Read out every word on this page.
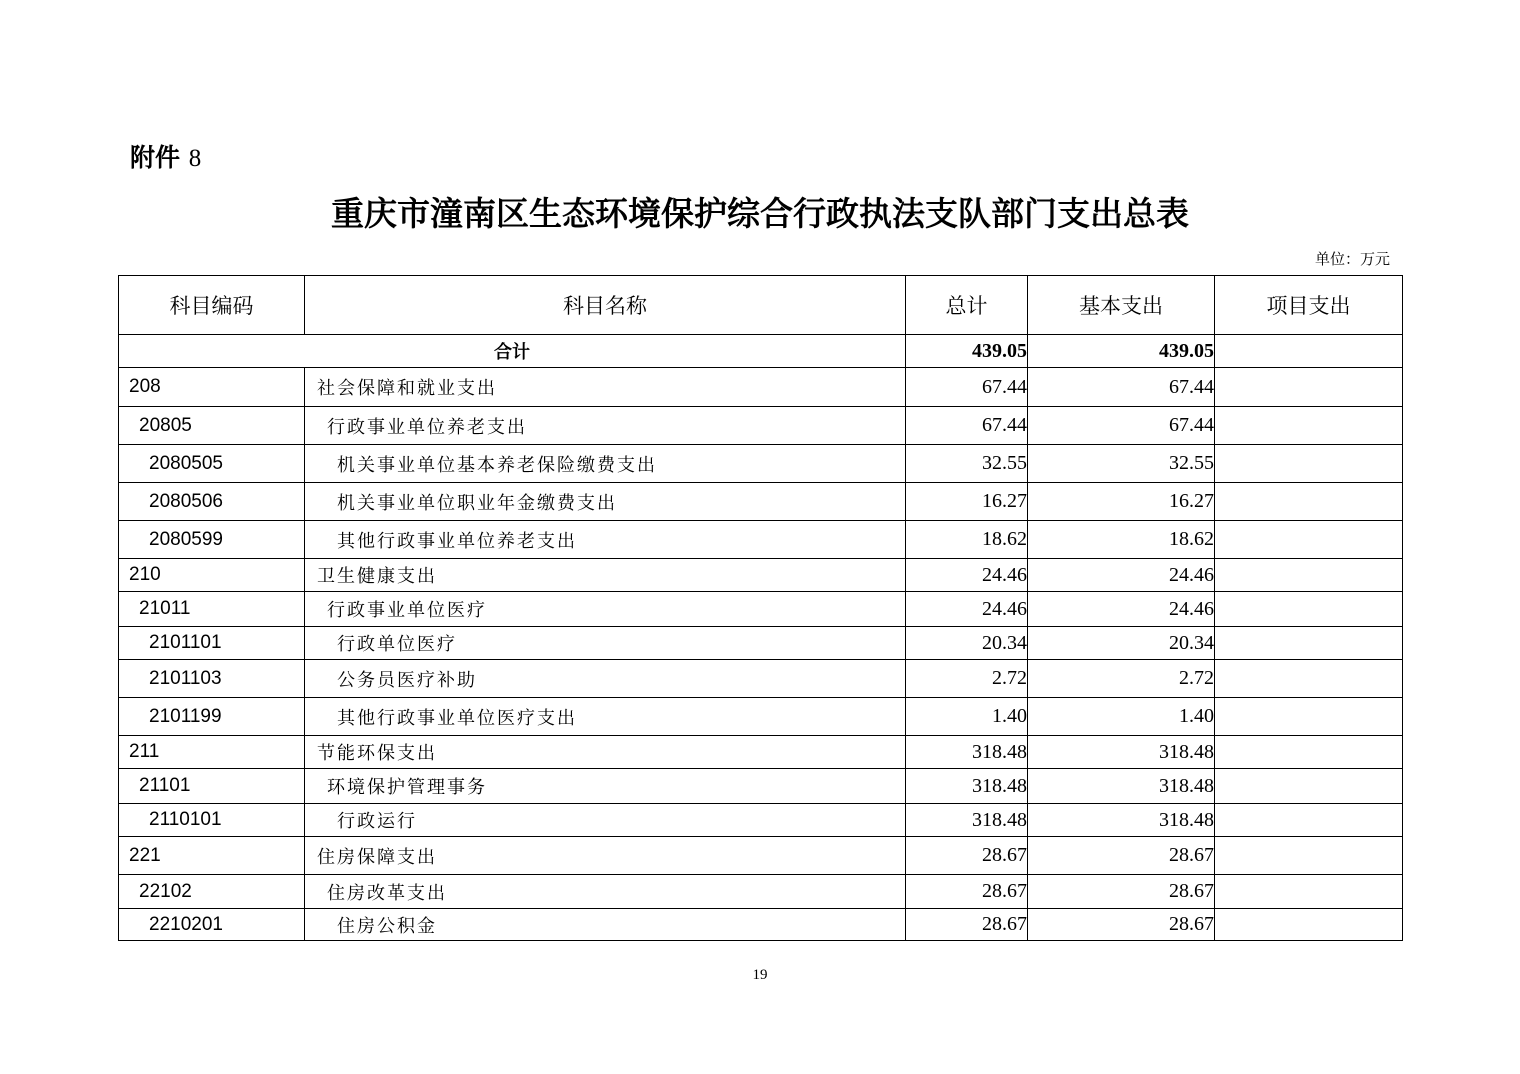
附件 8
重庆市潼南区生态环境保护综合行政执法支队部门支出总表
单位：万元
科目编码	科目名称	总计	基本支出	项目支出
合计		439.05	439.05	
208	社会保障和就业支出	67.44	67.44	
20805	行政事业单位养老支出	67.44	67.44	
2080505	机关事业单位基本养老保险缴费支出	32.55	32.55	
2080506	机关事业单位职业年金缴费支出	16.27	16.27	
2080599	其他行政事业单位养老支出	18.62	18.62	
210	卫生健康支出	24.46	24.46	
21011	行政事业单位医疗	24.46	24.46	
2101101	行政单位医疗	20.34	20.34	
2101103	公务员医疗补助	2.72	2.72	
2101199	其他行政事业单位医疗支出	1.40	1.40	
211	节能环保支出	318.48	318.48	
21101	环境保护管理事务	318.48	318.48	
2110101	行政运行	318.48	318.48	
221	住房保障支出	28.67	28.67	
22102	住房改革支出	28.67	28.67	
2210201	住房公积金	28.67	28.67	
19
